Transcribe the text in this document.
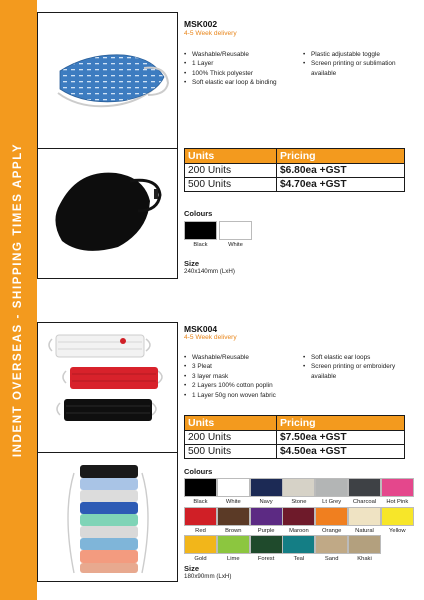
INDENT OVERSEAS - SHIPPING TIMES APPLY
MSK002
4-5 Week delivery
• Washable/Reusable
• 1 Layer
• 100% Thick polyester
• Soft elastic ear loop & binding
• Plastic adjustable toggle
• Screen printing or sublimation available
Units	Pricing
200 Units	$6.80ea +GST
500 Units	$4.70ea +GST
Colours
Black	White
Size
240x140mm (LxH)
MSK004
4-5 Week delivery
• Washable/Reusable
• 3 Pleat
• 3 layer mask
• 2 Layers 100% cotton poplin
• 1 Layer 50g non woven fabric
• Soft elastic ear loops
• Screen printing or embroidery available
Units	Pricing
200 Units	$7.50ea +GST
500 Units	$4.50ea +GST
Colours
Black	White	Navy	Stone	Lt Grey	Charcoal	Hot Pink
Red	Brown	Purple	Maroon	Orange	Natural	Yellow
Gold	Lime	Forest	Teal	Sand	Khaki
Size
180x90mm (LxH)
